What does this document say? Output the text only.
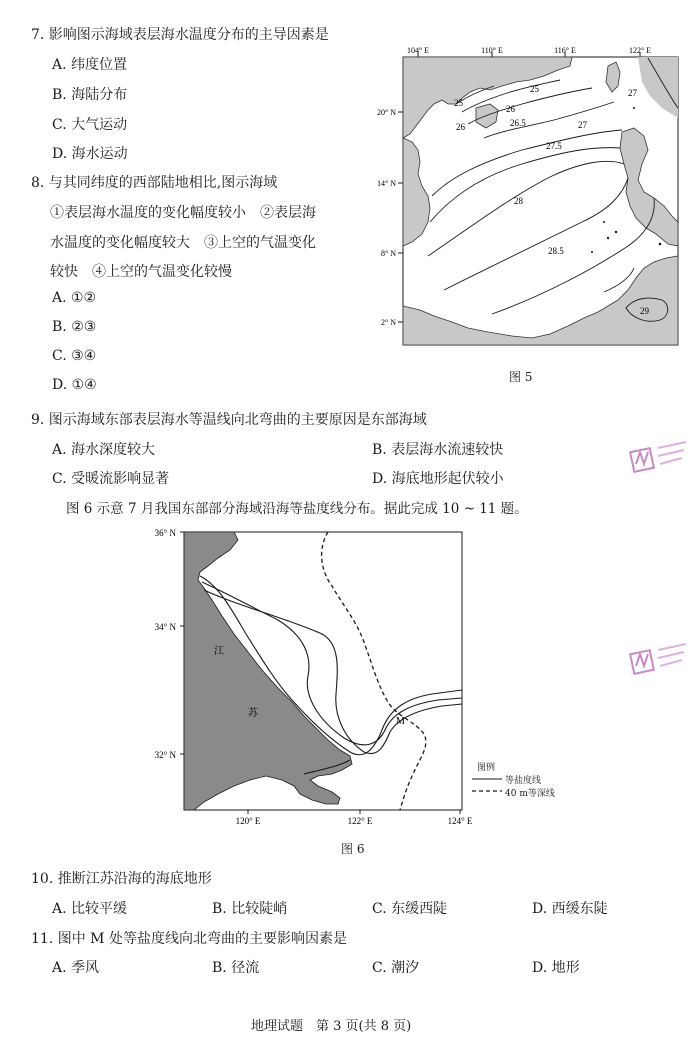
7. 影响图示海域表层海水温度分布的主导因素是
A. 纬度位置
B. 海陆分布
C. 大气运动
D. 海水运动
8. 与其同纬度的西部陆地相比,图示海域
①表层海水温度的变化幅度较小　②表层海
水温度的变化幅度较大　③上空的气温变化
较快　④上空的气温变化较慢
A. ①②
B. ②③
C. ③④
D. ①④
104° E	110° E	116° E	122° E
20° N
14° N
8° N
2° N
25
26	26.5
25
26
27
27
27.5
28
28.5
29
图 5
9. 图示海域东部表层海水等温线向北弯曲的主要原因是东部海域
A. 海水深度较大	B. 表层海水流速较快
C. 受暖流影响显著	D. 海底地形起伏较小
图 6 示意 7 月我国东部部分海域沿海等盐度线分布。据此完成 10 ~ 11 题。
36° N
34° N
32° N
120° E	122° E	124° E
江
苏
M
图例
等盐度线
40 m等深线
图 6
10. 推断江苏沿海的海底地形
A. 比较平缓	B. 比较陡峭	C. 东缓西陡	D. 西缓东陡
11. 图中 M 处等盐度线向北弯曲的主要影响因素是
A. 季风	B. 径流	C. 潮汐	D. 地形
地理试题　第 3 页(共 8 页)
